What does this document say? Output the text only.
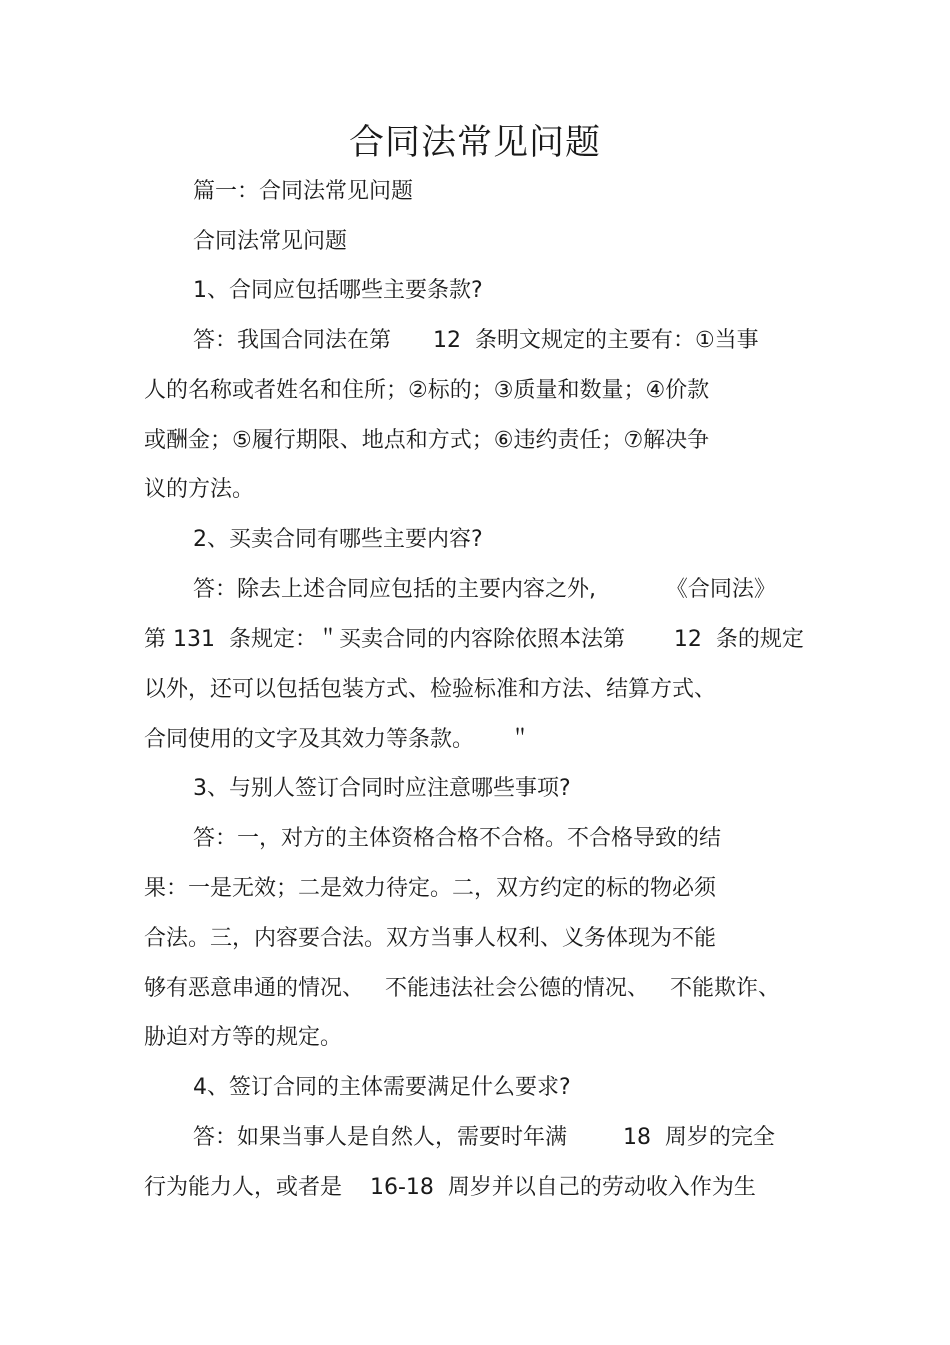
合同法常见问题
篇一：合同法常见问题
合同法常见问题
1、合同应包括哪些主要条款?
答：我国合同法在第      12  条明文规定的主要有：①当事
人的名称或者姓名和住所；②标的；③质量和数量；④价款
或酬金；⑤履行期限、地点和方式；⑥违约责任；⑦解决争
议的方法。
2、买卖合同有哪些主要内容?
答：除去上述合同应包括的主要内容之外,          《合同法》
第 131  条规定：＂买卖合同的内容除依照本法第       12  条的规定
以外，还可以包括包装方式、检验标准和方法、结算方式、
合同使用的文字及其效力等条款。     ＂
3、与别人签订合同时应注意哪些事项?
答：一，对方的主体资格合格不合格。不合格导致的结
果：一是无效；二是效力待定。二，双方约定的标的物必须
合法。三，内容要合法。双方当事人权利、义务体现为不能
够有恶意串通的情况、   不能违法社会公德的情况、   不能欺诈、
胁迫对方等的规定。
4、签订合同的主体需要满足什么要求?
答：如果当事人是自然人，需要时年满        18  周岁的完全
行为能力人，或者是    16-18  周岁并以自己的劳动收入作为生
